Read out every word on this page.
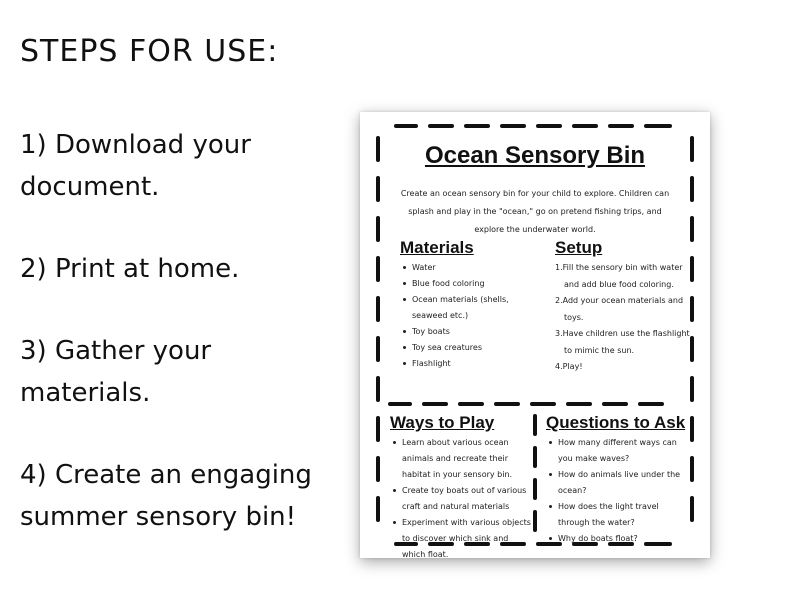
STEPS FOR USE:
1) Download your document.
2) Print at home.
3) Gather your materials.
4) Create an engaging summer sensory bin!
Ocean Sensory Bin
Create an ocean sensory bin for your child to explore. Children can splash and play in the "ocean," go on pretend fishing trips, and explore the underwater world.
Materials
Water
Blue food coloring
Ocean materials (shells, seaweed etc.)
Toy boats
Toy sea creatures
Flashlight
Setup
1.Fill the sensory bin with water and add blue food coloring.
2.Add your ocean materials and toys.
3.Have children use the flashlight to mimic the sun.
4.Play!
Ways to Play
Learn about various ocean animals and recreate their habitat in your sensory bin.
Create toy boats out of various craft and natural materials
Experiment with various objects to discover which sink and which float.
Questions to Ask
How many different ways can you make waves?
How do animals live under the ocean?
How does the light travel through the water?
Why do boats float?
